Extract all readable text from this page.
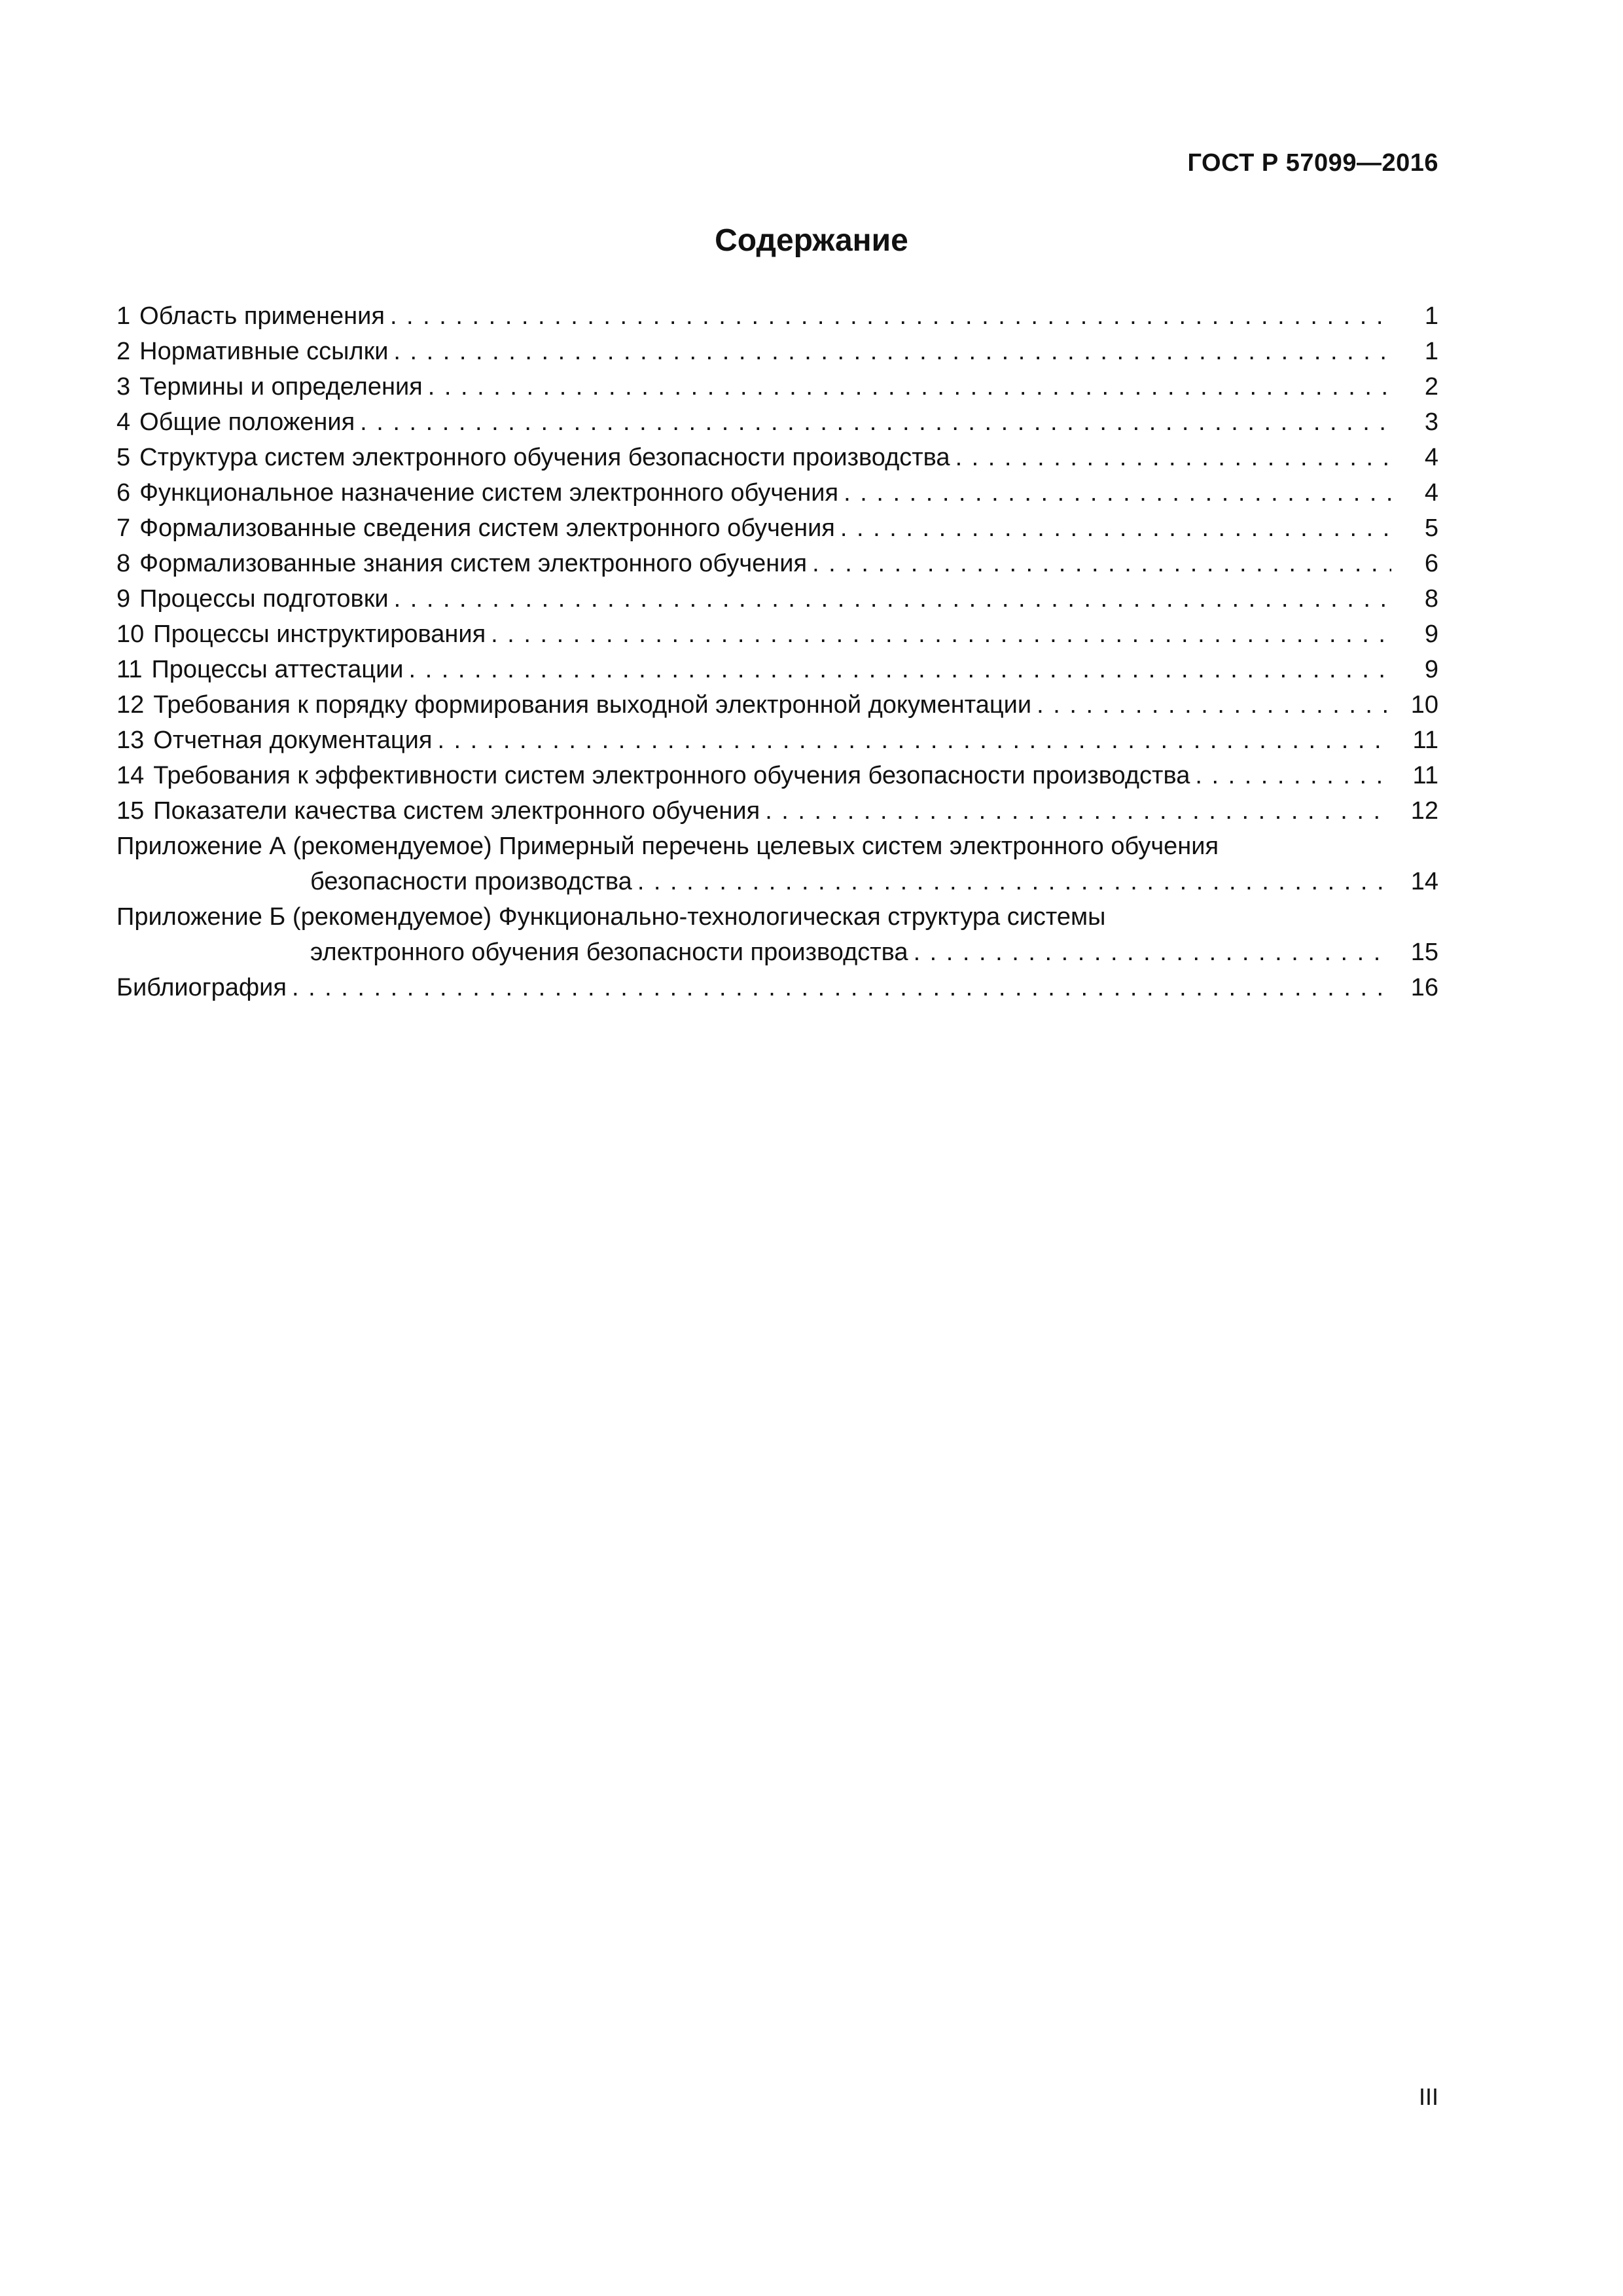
ГОСТ Р 57099—2016
Содержание
1 Область применения . . .	1
2 Нормативные ссылки . . .	1
3 Термины и определения . . .	2
4 Общие положения . . .	3
5 Структура систем электронного обучения безопасности производства . . .	4
6 Функциональное назначение систем электронного обучения . . .	4
7 Формализованные сведения систем электронного обучения . . .	5
8 Формализованные знания систем электронного обучения . . .	6
9 Процессы подготовки . . .	8
10 Процессы инструктирования . . .	9
11 Процессы аттестации . . .	9
12 Требования к порядку формирования выходной электронной документации . . .	10
13 Отчетная документация . . .	11
14 Требования к эффективности систем электронного обучения безопасности производства . . .	11
15 Показатели качества систем электронного обучения . . .	12
Приложение А (рекомендуемое) Примерный перечень целевых систем электронного обучения
безопасности производства . . .	14
Приложение Б (рекомендуемое) Функционально-технологическая структура системы
электронного обучения безопасности производства . . .	15
Библиография . . .	16
III
